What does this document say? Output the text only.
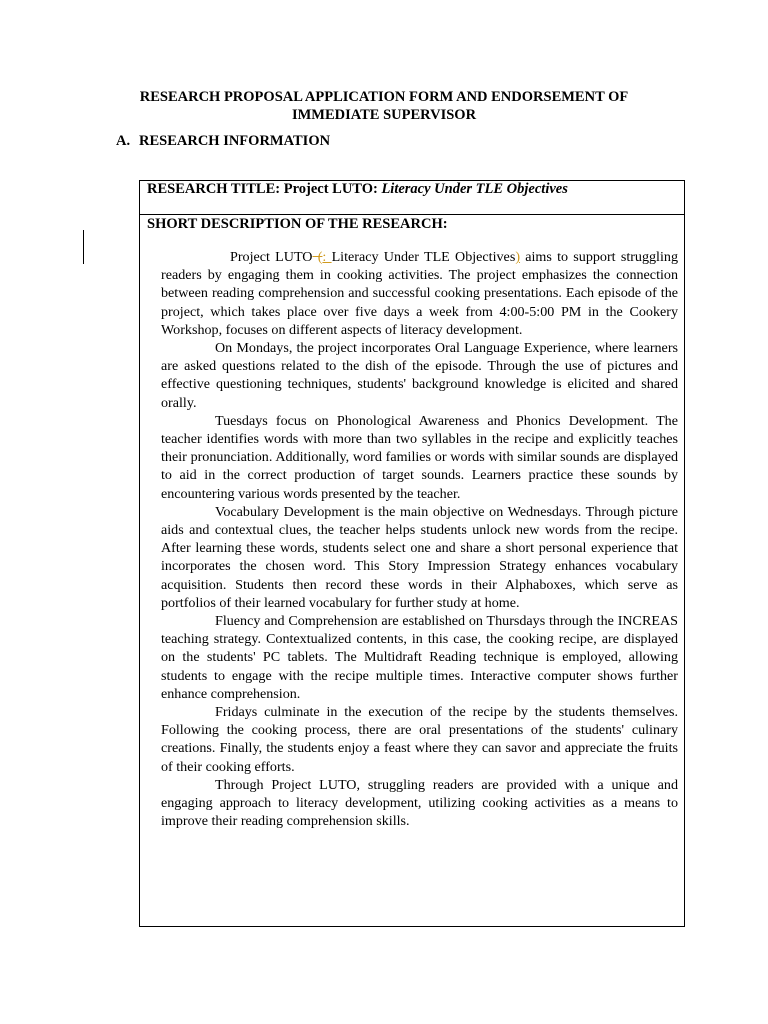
RESEARCH PROPOSAL APPLICATION FORM AND ENDORSEMENT OF
IMMEDIATE SUPERVISOR
A. RESEARCH INFORMATION
RESEARCH TITLE: Project LUTO: Literacy Under TLE Objectives
SHORT DESCRIPTION OF THE RESEARCH:

Project LUTO (: Literacy Under TLE Objectives) aims to support struggling readers by engaging them in cooking activities. The project emphasizes the connection between reading comprehension and successful cooking presentations. Each episode of the project, which takes place over five days a week from 4:00-5:00 PM in the Cookery Workshop, focuses on different aspects of literacy development.

On Mondays, the project incorporates Oral Language Experience, where learners are asked questions related to the dish of the episode. Through the use of pictures and effective questioning techniques, students' background knowledge is elicited and shared orally.

Tuesdays focus on Phonological Awareness and Phonics Development. The teacher identifies words with more than two syllables in the recipe and explicitly teaches their pronunciation. Additionally, word families or words with similar sounds are displayed to aid in the correct production of target sounds. Learners practice these sounds by encountering various words presented by the teacher.

Vocabulary Development is the main objective on Wednesdays. Through picture aids and contextual clues, the teacher helps students unlock new words from the recipe. After learning these words, students select one and share a short personal experience that incorporates the chosen word. This Story Impression Strategy enhances vocabulary acquisition. Students then record these words in their Alphaboxes, which serve as portfolios of their learned vocabulary for further study at home.

Fluency and Comprehension are established on Thursdays through the INCREAS teaching strategy. Contextualized contents, in this case, the cooking recipe, are displayed on the students' PC tablets. The Multidraft Reading technique is employed, allowing students to engage with the recipe multiple times. Interactive computer shows further enhance comprehension.

Fridays culminate in the execution of the recipe by the students themselves. Following the cooking process, there are oral presentations of the students' culinary creations. Finally, the students enjoy a feast where they can savor and appreciate the fruits of their cooking efforts.

Through Project LUTO, struggling readers are provided with a unique and engaging approach to literacy development, utilizing cooking activities as a means to improve their reading comprehension skills.
